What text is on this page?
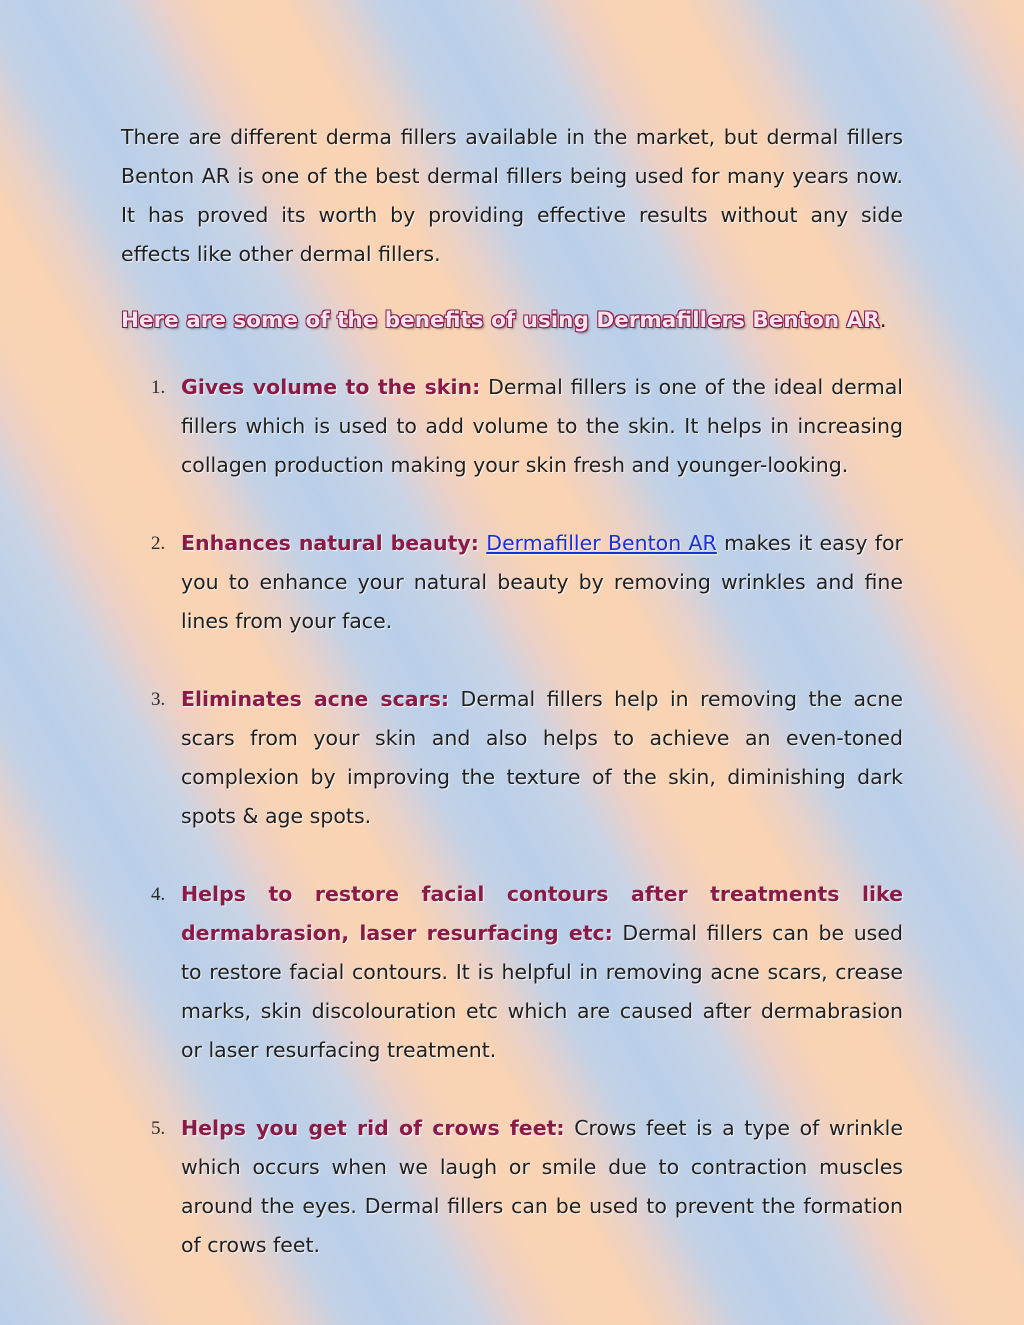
There are different derma fillers available in the market, but dermal fillers Benton AR is one of the best dermal fillers being used for many years now. It has proved its worth by providing effective results without any side effects like other dermal fillers.

Here are some of the benefits of using Dermafillers Benton AR.
1. Gives volume to the skin: Dermal fillers is one of the ideal dermal fillers which is used to add volume to the skin. It helps in increasing collagen production making your skin fresh and younger-looking.

2. Enhances natural beauty: Dermafiller Benton AR makes it easy for you to enhance your natural beauty by removing wrinkles and fine lines from your face.

3. Eliminates acne scars: Dermal fillers help in removing the acne scars from your skin and also helps to achieve an even-toned complexion by improving the texture of the skin, diminishing dark spots & age spots.

4. Helps to restore facial contours after treatments like dermabrasion, laser resurfacing etc: Dermal fillers can be used to restore facial contours. It is helpful in removing acne scars, crease marks, skin discolouration etc which are caused after dermabrasion or laser resurfacing treatment.

5. Helps you get rid of crows feet: Crows feet is a type of wrinkle which occurs when we laugh or smile due to contraction muscles around the eyes. Dermal fillers can be used to prevent the formation of crows feet.
